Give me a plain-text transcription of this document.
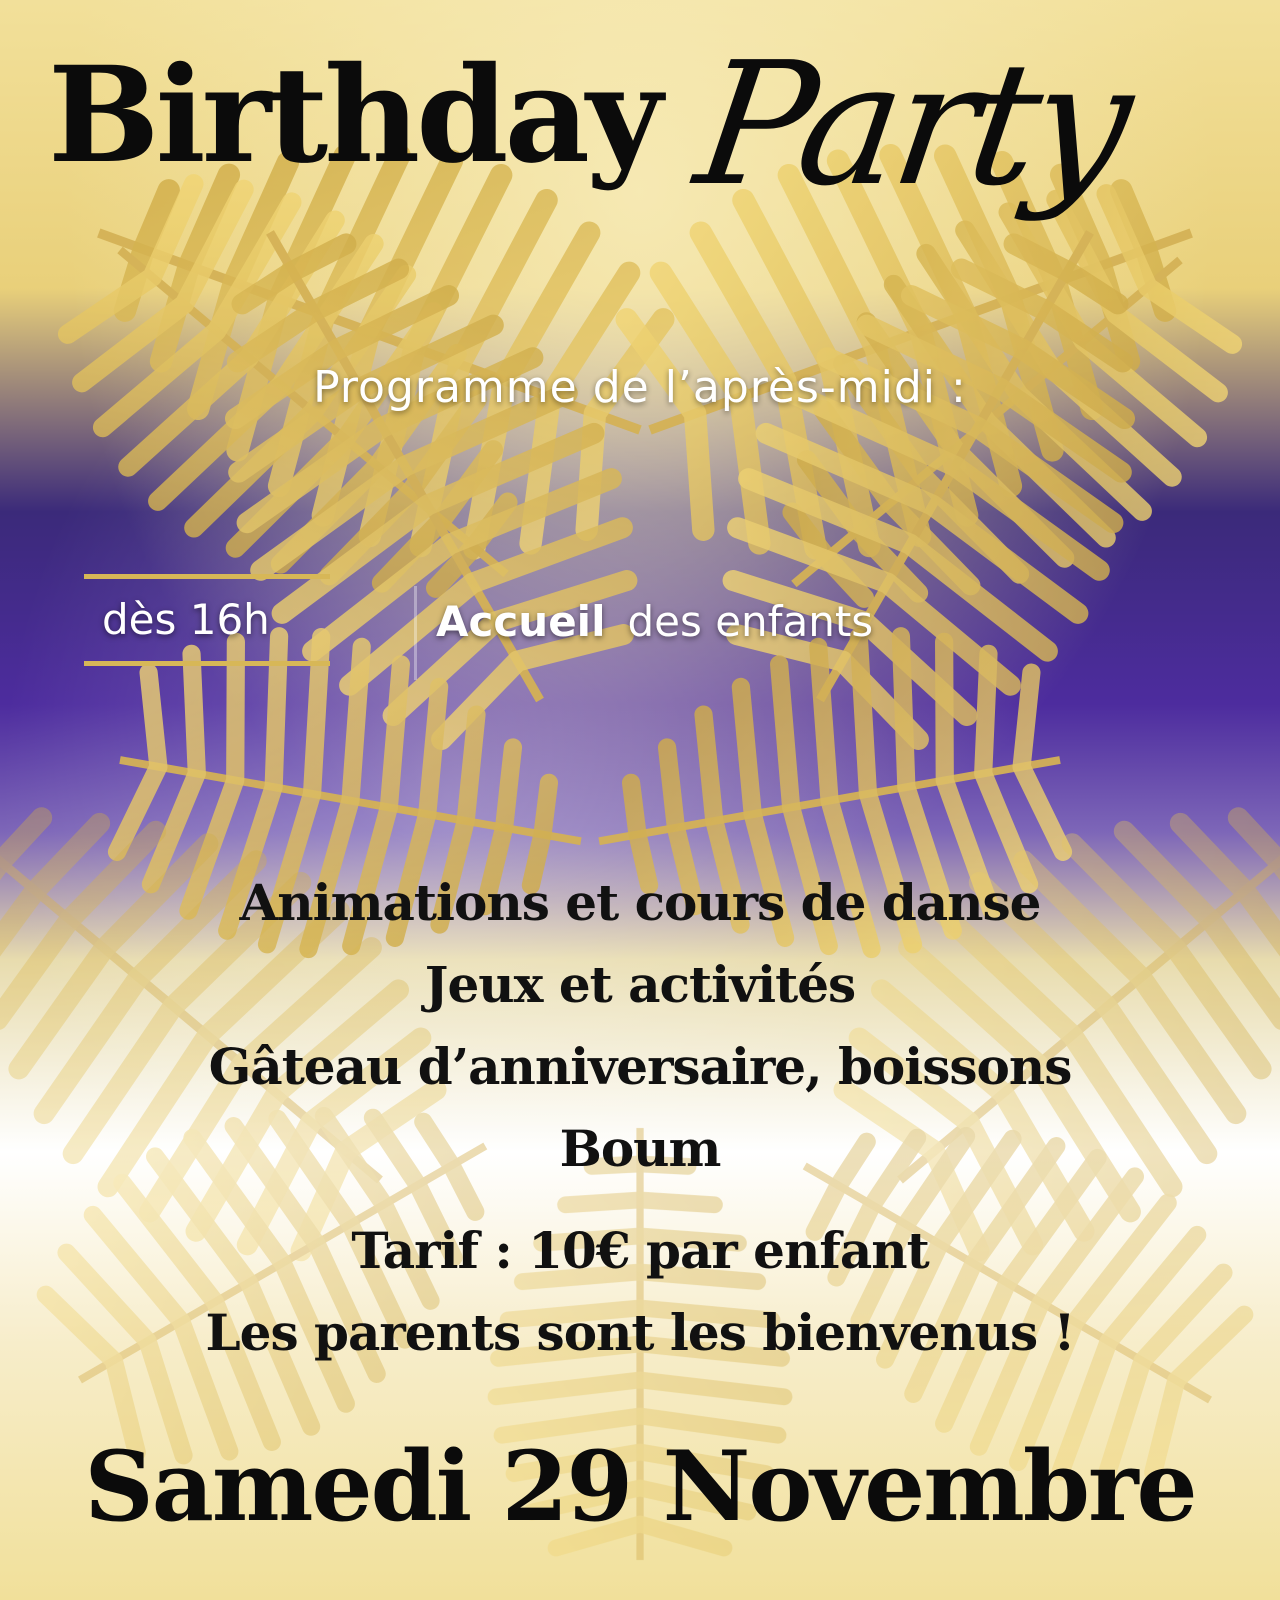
Birthday Party
Programme de l’après-midi :
dès 16h	Accueil des enfants
Animations et cours de danse
Jeux et activités
Gâteau d’anniversaire, boissons
Boum
Tarif : 10€ par enfant
Les parents sont les bienvenus !
Samedi 29 Novembre
